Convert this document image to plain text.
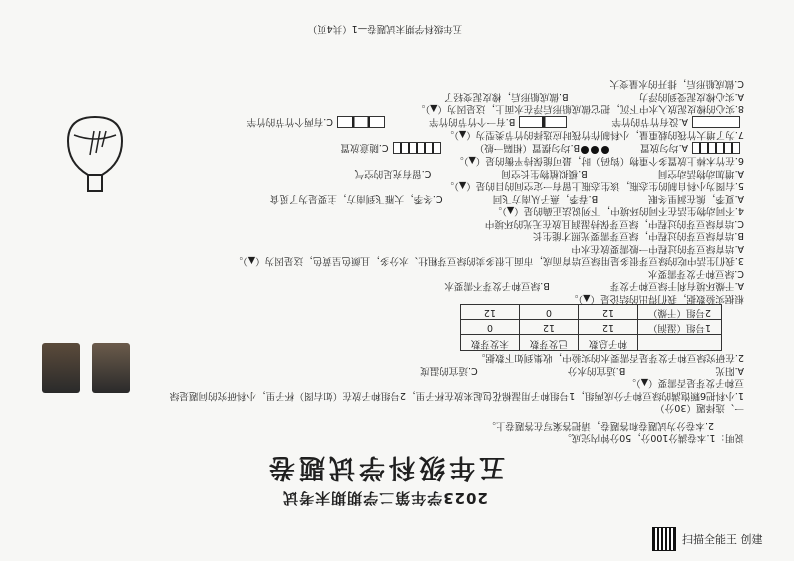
2023学年第二学期期末考试
五年级科学试题卷
说明：1.本卷满分100分，50分钟内完成。
2.本卷分为试题卷和答题卷，请把答案写在答题卷上。
一、选择题（30分）
1.小科把6颗饱满的绿豆种子分成两组，1号组种子用湿棉花包起来放在杯子里，2号组种子放在（如右图）杯子里，小科研究的问题是绿豆种子发芽是否需要（▲）。
A.阳光
B.适宜的水分
C.适宜的温度
2.在研究绿豆种子发芽是否需要水的实验中，收集到如下数据。
	种子总数	已发芽数	未发芽数
1号组（湿润）	12	12	0
2号组（干燥）	12	0	12
根据实验数据，我们得出的结论是（▲）。
A.干燥环境有利于绿豆种子发芽
B.绿豆种子发芽不需要水
C.绿豆种子发芽需要水
3.我们生活中吃的绿豆芽很多是用绿豆培育而成，市面上很多卖的绿豆芽粗壮、水分多，且颜色呈黄色，这是因为（▲）。
A.培育绿豆芽的过程中一般需要放在水中
B.培育绿豆芽的过程中，绿豆芽需要光照才能生长
C.培育绿豆芽的过程中，绿豆芽保持湿润且放在无光的环境中
4.不同动物生活在不同的环境中，下列说法正确的是（▲）。
A.夏季，熊在洞里冬眠
B.春季，燕子从南方飞回
C.冬季，大雁飞到南方，主要是为了觅食
5.右图为小科自制的生态瓶，该生态瓶上留有一定空间的目的是（▲）。
A.增加动物活动空间
B.模拟植物生长空间
C.留有充足的空气
6.在竹木棒上放置多个重物（钩码）时，最可能保持平衡的是（▲）。
A.均匀放置
B.均匀摆置（相隔一般）
C.随意放置
7.为了增大竹筏的载重量，小科制作竹筏时应选择的竹节类型为（▲）。
A.没有竹节的竹竿
B.有一个竹节的竹竿
C.有两个竹节的竹竿
8.实心的橡皮泥放入水中下沉，把它做成船形后浮在水面上，这是因为（▲）。
A.实心橡皮泥受到的浮力
B.做成船形后，橡皮泥变轻了
C.做成船形后，排开的水量变大
五年级科学期末试题卷—1（共4页）
扫描全能王 创建
